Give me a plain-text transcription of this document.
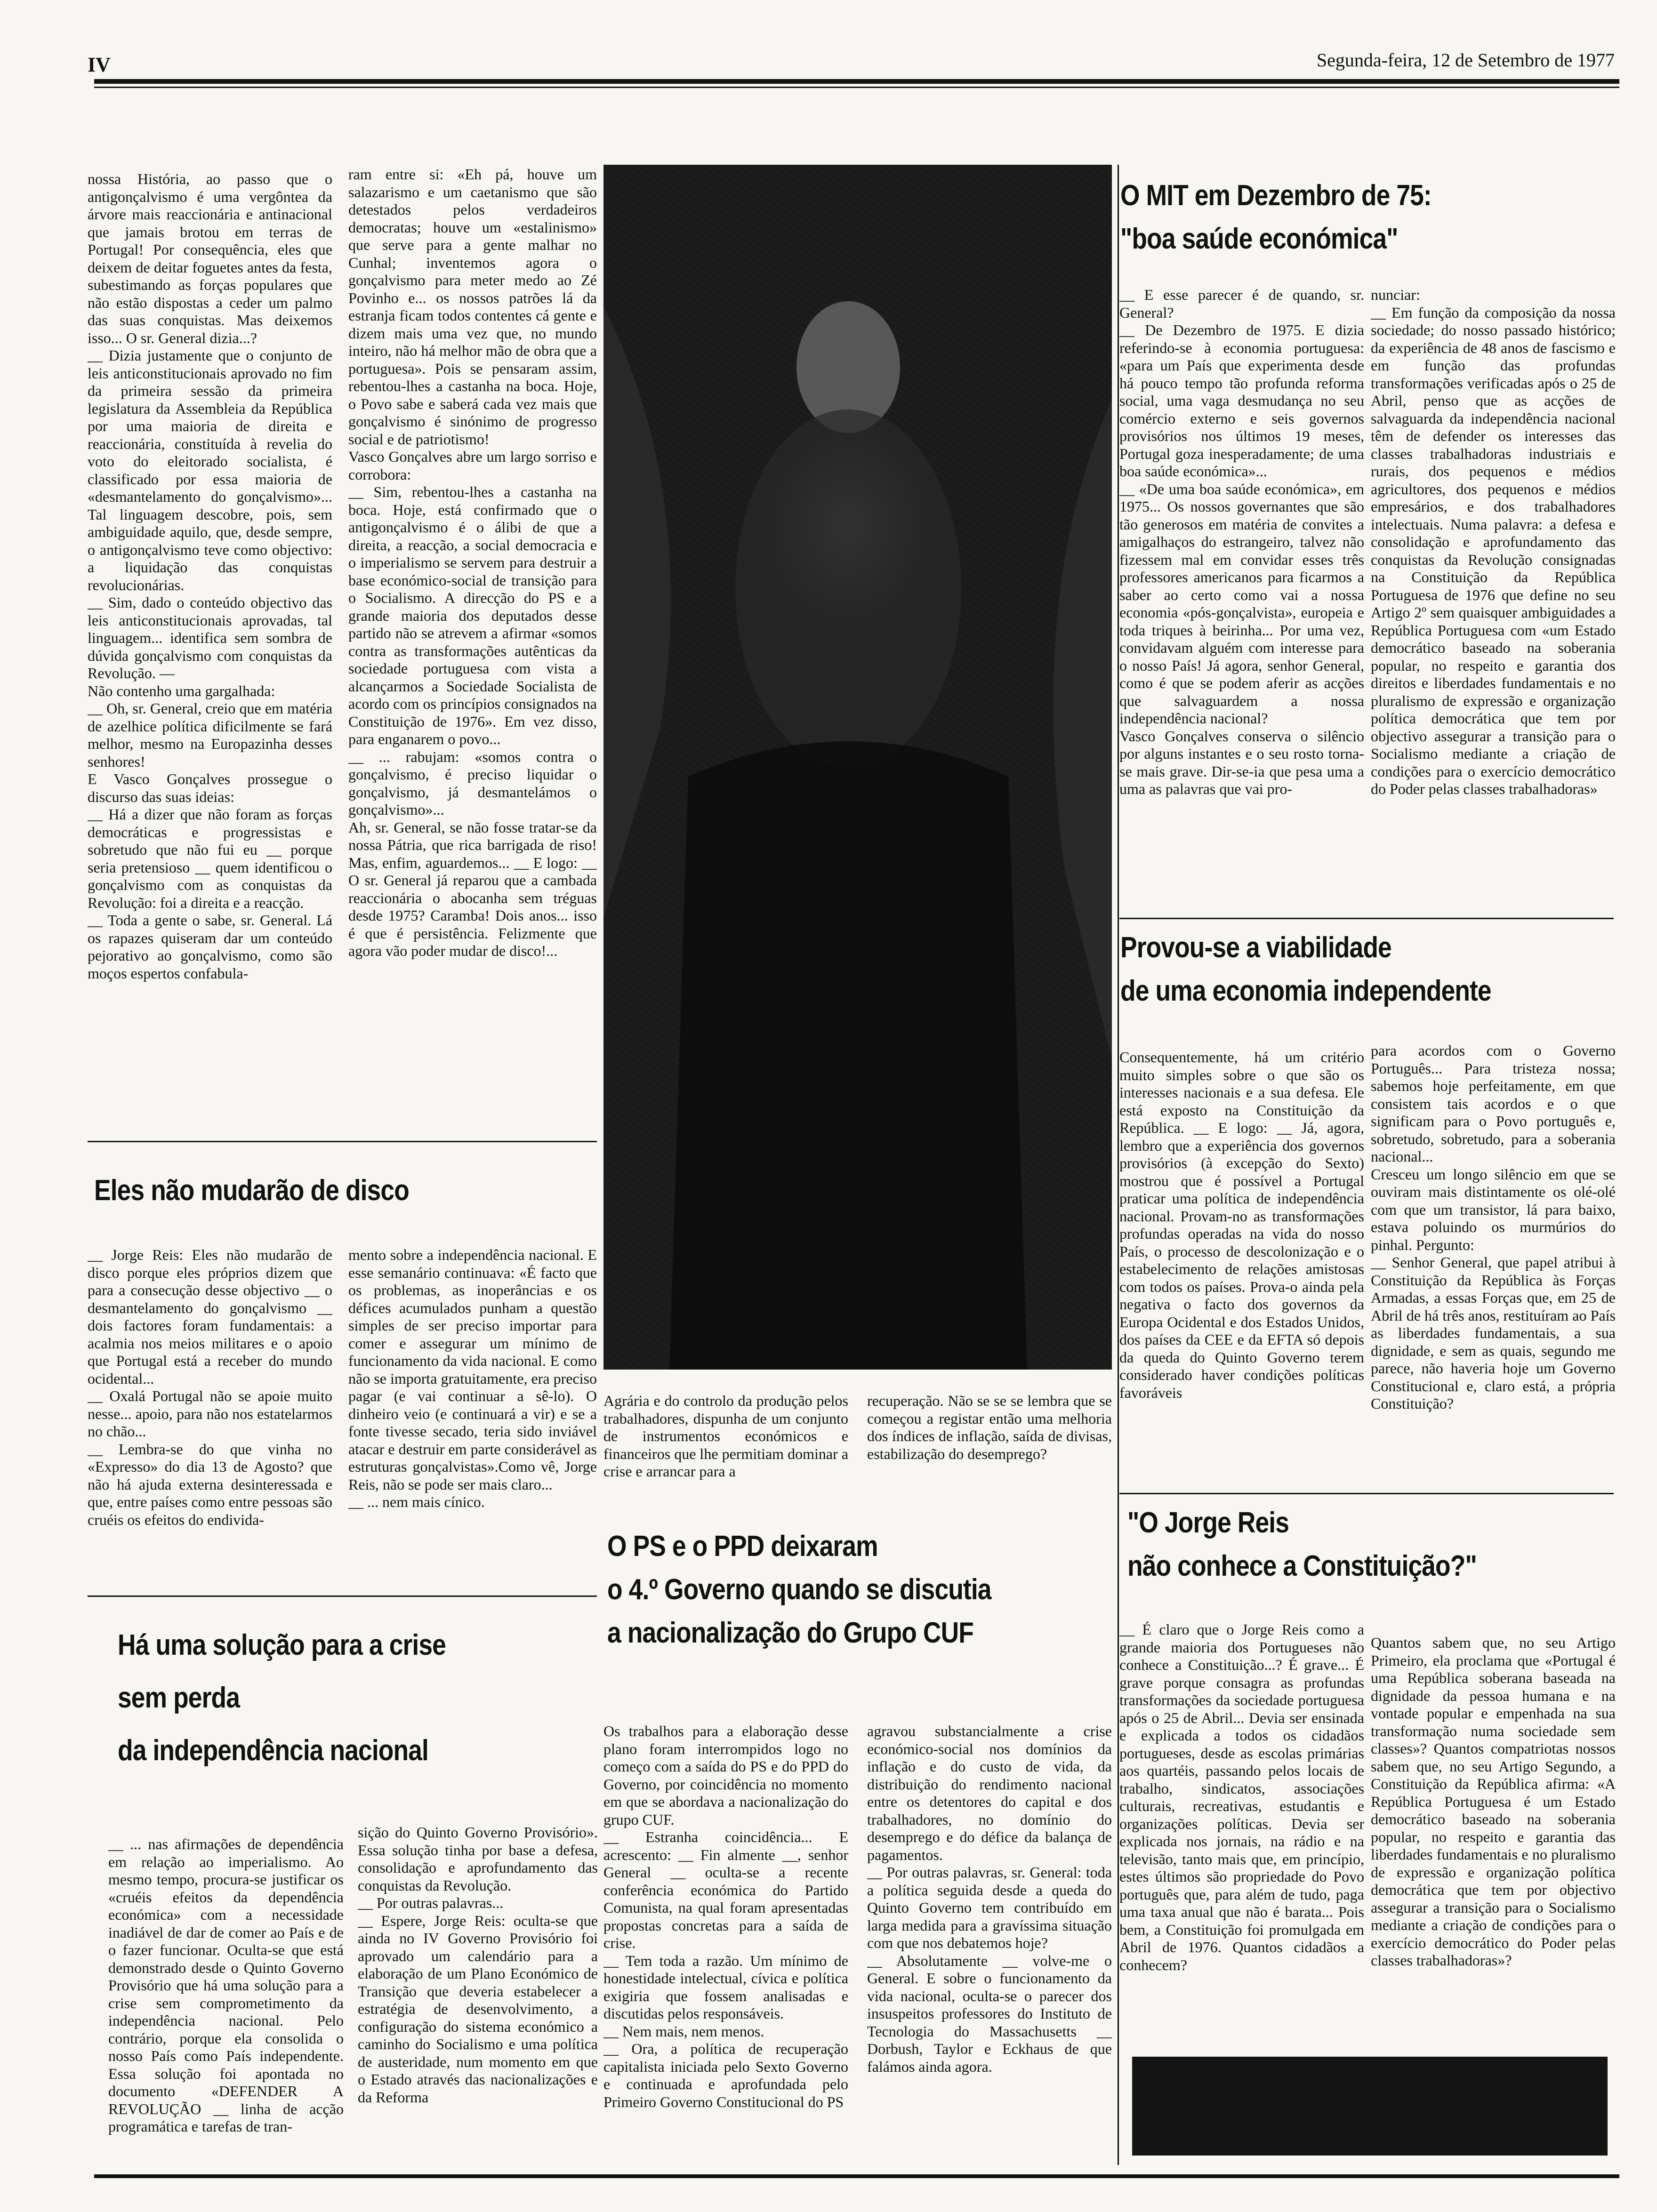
IV	Segunda-feira, 12 de Setembro de 1977
nossa História, ao passo que o antigonçalvismo é uma vergôntea da árvore mais reaccionária e antinacional que jamais brotou em terras de Portugal! Por consequência, eles que deixem de deitar foguetes antes da festa, subestimando as forças populares que não estão dispostas a ceder um palmo das suas conquistas. Mas deixemos isso... O sr. General dizia...?
__ Dizia justamente que o conjunto de leis anticonstitucionais aprovado no fim da primeira sessão da primeira legislatura da Assembleia da República por uma maioria de direita e reaccionária, constituída à revelia do voto do eleitorado socialista, é classificado por essa maioria de «desmantelamento do gonçalvismo»... Tal linguagem descobre, pois, sem ambiguidade aquilo, que, desde sempre, o antigonçalvismo teve como objectivo: a liquidação das conquistas revolucionárias.
__ Sim, dado o conteúdo objectivo das leis anticonstitucionais aprovadas, tal linguagem... identifica sem sombra de dúvida gonçalvismo com conquistas da Revolução. —
Não contenho uma gargalhada:
__ Oh, sr. General, creio que em matéria de azelhice política dificilmente se fará melhor, mesmo na Europazinha desses senhores!
E Vasco Gonçalves prossegue o discurso das suas ideias:
__ Há a dizer que não foram as forças democráticas e progressistas e sobretudo que não fui eu __ porque seria pretensioso __ quem identificou o gonçalvismo com as conquistas da Revolução: foi a direita e a reacção.
__ Toda a gente o sabe, sr. General. Lá os rapazes quiseram dar um conteúdo pejorativo ao gonçalvismo, como são moços espertos confabula-
ram entre si: «Eh pá, houve um salazarismo e um caetanismo que são detestados pelos verdadeiros democratas; houve um «estalinismo» que serve para a gente malhar no Cunhal; inventemos agora o gonçalvismo para meter medo ao Zé Povinho e... os nossos patrões lá da estranja ficam todos contentes cá gente e dizem mais uma vez que, no mundo inteiro, não há melhor mão de obra que a portuguesa». Pois se pensaram assim, rebentou-lhes a castanha na boca. Hoje, o Povo sabe e saberá cada vez mais que gonçalvismo é sinónimo de progresso social e de patriotismo!
Vasco Gonçalves abre um largo sorriso e corrobora:
__ Sim, rebentou-lhes a castanha na boca. Hoje, está confirmado que o antigonçalvismo é o álibi de que a direita, a reacção, a social democracia e o imperialismo se servem para destruir a base económico-social de transição para o Socialismo. A direcção do PS e a grande maioria dos deputados desse partido não se atrevem a afirmar «somos contra as transformações autênticas da sociedade portuguesa com vista a alcançarmos a Sociedade Socialista de acordo com os princípios consignados na Constituição de 1976». Em vez disso, para enganarem o povo...
__ ... rabujam: «somos contra o gonçalvismo, é preciso liquidar o gonçalvismo, já desmantelámos o gonçalvismo»...
Ah, sr. General, se não fosse tratar-se da nossa Pátria, que rica barrigada de riso! Mas, enfim, aguardemos... __ E logo: __ O sr. General já reparou que a cambada reaccionária o abocanha sem tréguas desde 1975? Caramba! Dois anos... isso é que é persistência. Felizmente que agora vão poder mudar de disco!...
Agrária e do controlo da produção pelos trabalhadores, dispunha de um conjunto de instrumentos económicos e financeiros que lhe permitiam dominar a crise e arrancar para a
recuperação. Não se se se lembra que se começou a registar então uma melhoria dos índices de inflação, saída de divisas, estabilização do desemprego?
O MIT em Dezembro de 75:
"boa saúde económica"
__ E esse parecer é de quando, sr. General?
__ De Dezembro de 1975. E dizia referindo-se à economia portuguesa: «para um País que experimenta desde há pouco tempo tão profunda reforma social, uma vaga desmudança no seu comércio externo e seis governos provisórios nos últimos 19 meses, Portugal goza inesperadamente; de uma boa saúde económica»...
__ «De uma boa saúde económica», em 1975... Os nossos governantes que são tão generosos em matéria de convites a amigalhaços do estrangeiro, talvez não fizessem mal em convidar esses três professores americanos para ficarmos a saber ao certo como vai a nossa economia «pós-gonçalvista», europeia e toda triques à beirinha... Por uma vez, convidavam alguém com interesse para o nosso País! Já agora, senhor General, como é que se podem aferir as acções que salvaguardem a nossa independência nacional?
Vasco Gonçalves conserva o silêncio por alguns instantes e o seu rosto torna-se mais grave. Dir-se-ia que pesa uma a uma as palavras que vai pro-
nunciar:
__ Em função da composição da nossa sociedade; do nosso passado histórico; da experiência de 48 anos de fascismo e em função das profundas transformações verificadas após o 25 de Abril, penso que as acções de salvaguarda da independência nacional têm de defender os interesses das classes trabalhadoras industriais e rurais, dos pequenos e médios agricultores, dos pequenos e médios empresários, e dos trabalhadores intelectuais. Numa palavra: a defesa e consolidação e aprofundamento das conquistas da Revolução consignadas na Constituição da República Portuguesa de 1976 que define no seu Artigo 2º sem quaisquer ambiguidades a República Portuguesa com «um Estado democrático baseado na soberania popular, no respeito e garantia dos direitos e liberdades fundamentais e no pluralismo de expressão e organização política democrática que tem por objectivo assegurar a transição para o Socialismo mediante a criação de condições para o exercício democrático do Poder pelas classes trabalhadoras»
Provou-se a viabilidade
de uma economia independente
Consequentemente, há um critério muito simples sobre o que são os interesses nacionais e a sua defesa. Ele está exposto na Constituição da República. __ E logo: __ Já, agora, lembro que a experiência dos governos provisórios (à excepção do Sexto) mostrou que é possível a Portugal praticar uma política de independência nacional. Provam-no as transformações profundas operadas na vida do nosso País, o processo de descolonização e o estabelecimento de relações amistosas com todos os países. Prova-o ainda pela negativa o facto dos governos da Europa Ocidental e dos Estados Unidos, dos países da CEE e da EFTA só depois da queda do Quinto Governo terem considerado haver condições políticas favoráveis
para acordos com o Governo Português... Para tristeza nossa; sabemos hoje perfeitamente, em que consistem tais acordos e o que significam para o Povo português e, sobretudo, sobretudo, para a soberania nacional...
Cresceu um longo silêncio em que se ouviram mais distintamente os olé-olé com que um transistor, lá para baixo, estava poluindo os murmúrios do pinhal. Pergunto:
__ Senhor General, que papel atribui à Constituição da República às Forças Armadas, a essas Forças que, em 25 de Abril de há três anos, restituíram ao País as liberdades fundamentais, a sua dignidade, e sem as quais, segundo me parece, não haveria hoje um Governo Constitucional e, claro está, a própria Constituição?
"O Jorge Reis
não conhece a Constituição?"
__ É claro que o Jorge Reis como a grande maioria dos Portugueses não conhece a Constituição...? É grave... É grave porque consagra as profundas transformações da sociedade portuguesa após o 25 de Abril... Devia ser ensinada e explicada a todos os cidadãos portugueses, desde as escolas primárias aos quartéis, passando pelos locais de trabalho, sindicatos, associações culturais, recreativas, estudantis e organizações políticas. Devia ser explicada nos jornais, na rádio e na televisão, tanto mais que, em princípio, estes últimos são propriedade do Povo português que, para além de tudo, paga uma taxa anual que não é barata... Pois bem, a Constituição foi promulgada em Abril de 1976. Quantos cidadãos a conhecem?
Quantos sabem que, no seu Artigo Primeiro, ela proclama que «Portugal é uma República soberana baseada na dignidade da pessoa humana e na vontade popular e empenhada na sua transformação numa sociedade sem classes»? Quantos compatriotas nossos sabem que, no seu Artigo Segundo, a Constituição da República afirma: «A República Portuguesa é um Estado democrático baseado na soberania popular, no respeito e garantia das liberdades fundamentais e no pluralismo de expressão e organização política democrática que tem por objectivo assegurar a transição para o Socialismo mediante a criação de condições para o exercício democrático do Poder pelas classes trabalhadoras»?
Eles não mudarão de disco
__ Jorge Reis: Eles não mudarão de disco porque eles próprios dizem que para a consecução desse objectivo __ o desmantelamento do gonçalvismo __ dois factores foram fundamentais: a acalmia nos meios militares e o apoio que Portugal está a receber do mundo ocidental...
__ Oxalá Portugal não se apoie muito nesse... apoio, para não nos estatelarmos no chão...
__ Lembra-se do que vinha no «Expresso» do dia 13 de Agosto? que não há ajuda externa desinteressada e que, entre países como entre pessoas são cruéis os efeitos do endivida-
mento sobre a independência nacional. E esse semanário continuava: «É facto que os problemas, as inoperâncias e os défices acumulados punham a questão simples de ser preciso importar para comer e assegurar um mínimo de funcionamento da vida nacional. E como não se importa gratuitamente, era preciso pagar (e vai continuar a sê-lo). O dinheiro veio (e continuará a vir) e se a fonte tivesse secado, teria sido inviável atacar e destruir em parte considerável as estruturas gonçalvistas».Como vê, Jorge Reis, não se pode ser mais claro...
__ ... nem mais cínico.
Há uma solução para a crise
sem perda
da independência nacional
__ ... nas afirmações de dependência em relação ao imperialismo. Ao mesmo tempo, procura-se justificar os «cruéis efeitos da dependência económica» com a necessidade inadiável de dar de comer ao País e de o fazer funcionar. Oculta-se que está demonstrado desde o Quinto Governo Provisório que há uma solução para a crise sem comprometimento da independência nacional. Pelo contrário, porque ela consolida o nosso País como País independente. Essa solução foi apontada no documento «DEFENDER A REVOLUÇÃO __ linha de acção programática e tarefas de tran-
sição do Quinto Governo Provisório». Essa solução tinha por base a defesa, consolidação e aprofundamento das conquistas da Revolução.
__ Por outras palavras...
__ Espere, Jorge Reis: oculta-se que ainda no IV Governo Provisório foi aprovado um calendário para a elaboração de um Plano Económico de Transição que deveria estabelecer a estratégia de desenvolvimento, a configuração do sistema económico a caminho do Socialismo e uma política de austeridade, num momento em que o Estado através das nacionalizações e da Reforma
O PS e o PPD deixaram
o 4.º Governo quando se discutia
a nacionalização do Grupo CUF
Os trabalhos para a elaboração desse plano foram interrompidos logo no começo com a saída do PS e do PPD do Governo, por coincidência no momento em que se abordava a nacionalização do grupo CUF.
__ Estranha coincidência... E acrescento: __ Fin almente __, senhor General __ oculta-se a recente conferência económica do Partido Comunista, na qual foram apresentadas propostas concretas para a saída de crise.
__ Tem toda a razão. Um mínimo de honestidade intelectual, cívica e política exigiria que fossem analisadas e discutidas pelos responsáveis.
__ Nem mais, nem menos.
__ Ora, a política de recuperação capitalista iniciada pelo Sexto Governo e continuada e aprofundada pelo Primeiro Governo Constitucional do PS
agravou substancialmente a crise económico-social nos domínios da inflação e do custo de vida, da distribuição do rendimento nacional entre os detentores do capital e dos trabalhadores, no domínio do desemprego e do défice da balança de pagamentos.
__ Por outras palavras, sr. General: toda a política seguida desde a queda do Quinto Governo tem contribuído em larga medida para a gravíssima situação com que nos debatemos hoje?
__ Absolutamente __ volve-me o General. E sobre o funcionamento da vida nacional, oculta-se o parecer dos insuspeitos professores do Instituto de Tecnologia do Massachusetts __ Dorbush, Taylor e Eckhaus de que falámos ainda agora.
